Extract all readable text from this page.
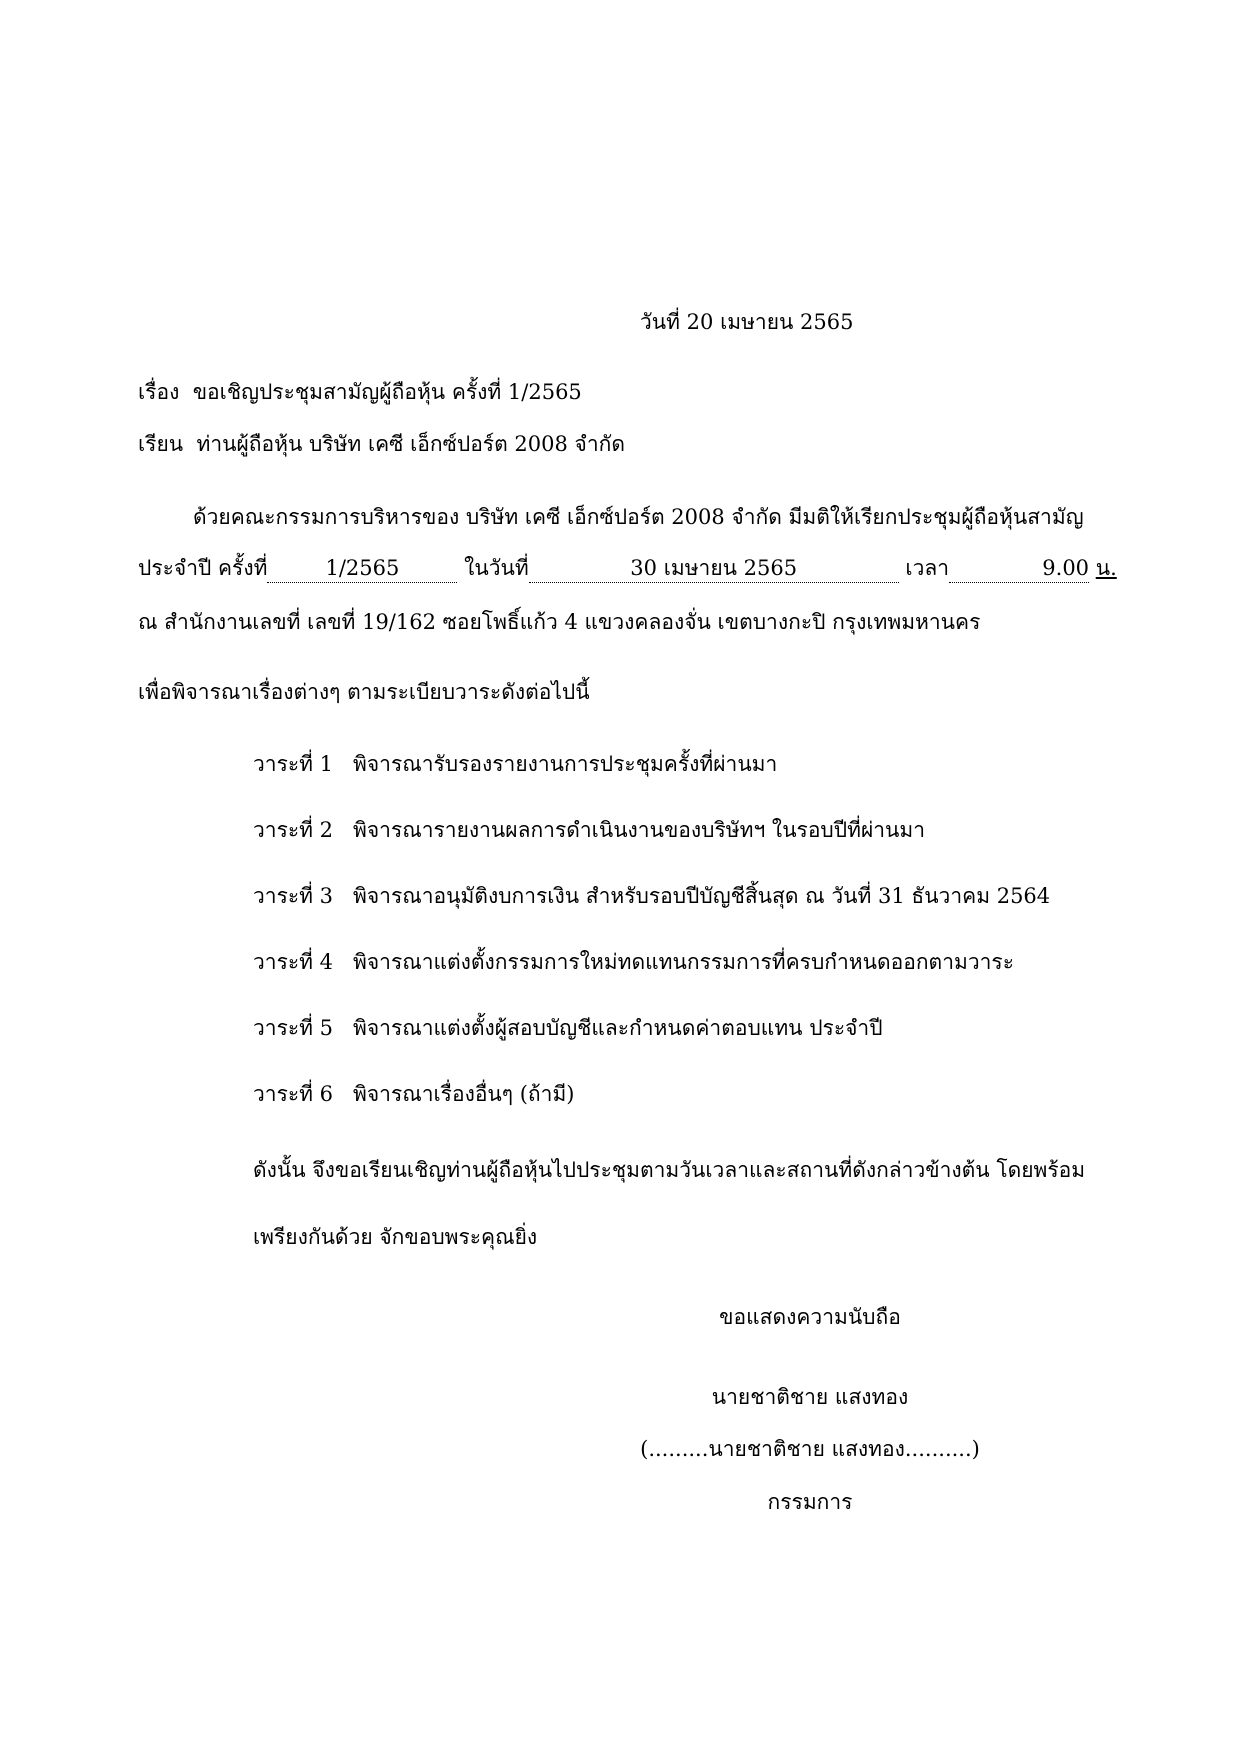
วันที่ 20 เมษายน 2565
เรื่อง ขอเชิญประชุมสามัญผู้ถือหุ้น ครั้งที่ 1/2565
เรียน ท่านผู้ถือหุ้น บริษัท เคซี เอ็กซ์ปอร์ต 2008 จำกัด
ด้วยคณะกรรมการบริหารของ บริษัท เคซี เอ็กซ์ปอร์ต 2008 จำกัด มีมติให้เรียกประชุมผู้ถือหุ้นสามัญ
ประจำปี ครั้งที่	1/2565	ในวันที่	30 เมษายน 2565	เวลา	9.00 น.
ณ สำนักงานเลขที่ เลขที่ 19/162 ซอยโพธิ์แก้ว 4 แขวงคลองจั่น เขตบางกะปิ กรุงเทพมหานคร
เพื่อพิจารณาเรื่องต่างๆ ตามระเบียบวาระดังต่อไปนี้
วาระที่ 1 พิจารณารับรองรายงานการประชุมครั้งที่ผ่านมา
วาระที่ 2 พิจารณารายงานผลการดำเนินงานของบริษัทฯ ในรอบปีที่ผ่านมา
วาระที่ 3 พิจารณาอนุมัติงบการเงิน สำหรับรอบปีบัญชีสิ้นสุด ณ วันที่ 31 ธันวาคม 2564
วาระที่ 4 พิจารณาแต่งตั้งกรรมการใหม่ทดแทนกรรมการที่ครบกำหนดออกตามวาระ
วาระที่ 5 พิจารณาแต่งตั้งผู้สอบบัญชีและกำหนดค่าตอบแทน ประจำปี
วาระที่ 6 พิจารณาเรื่องอื่นๆ (ถ้ามี)
ดังนั้น จึงขอเรียนเชิญท่านผู้ถือหุ้นไปประชุมตามวันเวลาและสถานที่ดังกล่าวข้างต้น โดยพร้อม
เพรียงกันด้วย จักขอบพระคุณยิ่ง
ขอแสดงความนับถือ
นายชาติชาย แสงทอง
(.........นายชาติชาย แสงทอง..........)
กรรมการ
